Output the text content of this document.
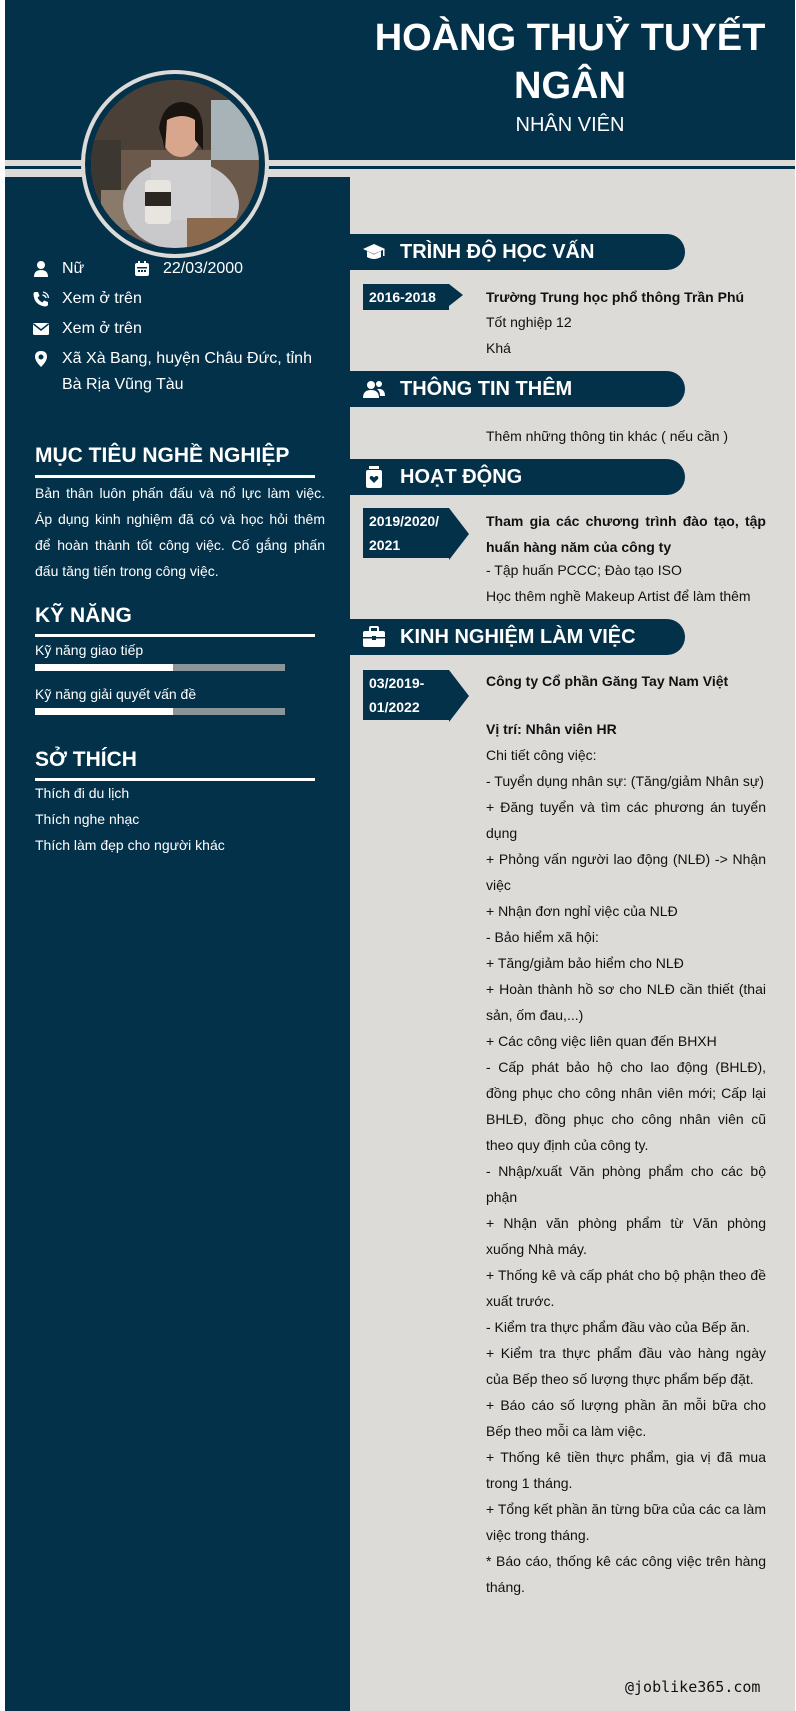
HOÀNG THUỶ TUYẾT NGÂN
NHÂN VIÊN
Nữ	22/03/2000
Xem ở trên
Xem ở trên
Xã Xà Bang, huyện Châu Đức, tỉnh Bà Rịa Vũng Tàu
MỤC TIÊU NGHỀ NGHIỆP
Bản thân luôn phấn đấu và nổ lực làm việc. Áp dụng kinh nghiệm đã có và học hỏi thêm để hoàn thành tốt công việc. Cố gắng phấn đấu tăng tiến trong công việc.
KỸ NĂNG
Kỹ năng giao tiếp
Kỹ năng giải quyết vấn đề
SỞ THÍCH
Thích đi du lịch
Thích nghe nhạc
Thích làm đẹp cho người khác
TRÌNH ĐỘ HỌC VẤN
2016-2018	Trường Trung học phổ thông Trần Phú
Tốt nghiệp 12
Khá
THÔNG TIN THÊM
Thêm những thông tin khác ( nếu cần )
HOẠT ĐỘNG
2019/2020/
2021
Tham gia các chương trình đào tạo, tập huấn hàng năm của công ty
- Tập huấn PCCC; Đào tạo ISO
Học thêm nghề Makeup Artist để làm thêm
KINH NGHIỆM LÀM VIỆC
03/2019-
01/2022
Công ty Cổ phần Găng Tay Nam Việt
Vị trí: Nhân viên HR
Chi tiết công việc:
- Tuyển dụng nhân sự: (Tăng/giảm Nhân sự)
+ Đăng tuyển và tìm các phương án tuyển dụng
+ Phỏng vấn người lao động (NLĐ) -> Nhận việc
+ Nhận đơn nghỉ việc của NLĐ
- Bảo hiểm xã hội:
+ Tăng/giảm bảo hiểm cho NLĐ
+ Hoàn thành hồ sơ cho NLĐ cần thiết (thai sản, ốm đau,...)
+ Các công việc liên quan đến BHXH
- Cấp phát bảo hộ cho lao động (BHLĐ), đồng phục cho công nhân viên mới; Cấp lại BHLĐ, đồng phục cho công nhân viên cũ theo quy định của công ty.
- Nhập/xuất Văn phòng phẩm cho các bộ phận
+ Nhận văn phòng phẩm từ Văn phòng xuống Nhà máy.
+ Thống kê và cấp phát cho bộ phận theo đề xuất trước.
- Kiểm tra thực phẩm đầu vào của Bếp ăn.
+ Kiểm tra thực phẩm đầu vào hàng ngày của Bếp theo số lượng thực phẩm bếp đặt.
+ Báo cáo số lượng phần ăn mỗi bữa cho Bếp theo mỗi ca làm việc.
+ Thống kê tiền thực phẩm, gia vị đã mua trong 1 tháng.
+ Tổng kết phần ăn từng bữa của các ca làm việc trong tháng.
* Báo cáo, thống kê các công việc trên hàng tháng.
@joblike365.com
